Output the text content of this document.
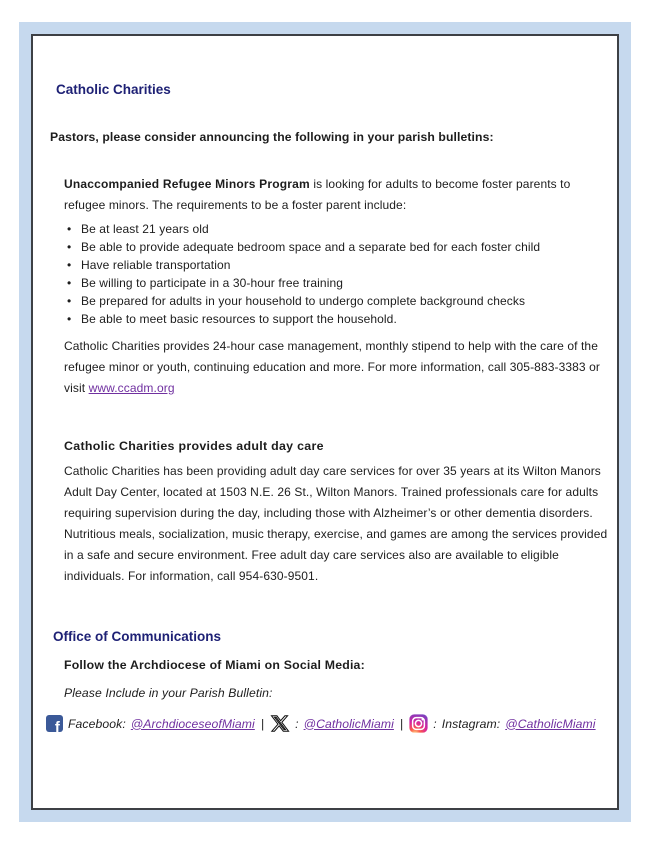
Catholic Charities

Pastors, please consider announcing the following in your parish bulletins:

Unaccompanied Refugee Minors Program is looking for adults to become foster parents to refugee minors. The requirements to be a foster parent include:

• Be at least 21 years old
• Be able to provide adequate bedroom space and a separate bed for each foster child
• Have reliable transportation
• Be willing to participate in a 30-hour free training
• Be prepared for adults in your household to undergo complete background checks
• Be able to meet basic resources to support the household.

Catholic Charities provides 24-hour case management, monthly stipend to help with the care of the refugee minor or youth, continuing education and more. For more information, call 305-883-3383 or visit www.ccadm.org

Catholic Charities provides adult day care

Catholic Charities has been providing adult day care services for over 35 years at its Wilton Manors Adult Day Center, located at 1503 N.E. 26 St., Wilton Manors. Trained professionals care for adults requiring supervision during the day, including those with Alzheimer’s or other dementia disorders. Nutritious meals, socialization, music therapy, exercise, and games are among the services provided in a safe and secure environment. Free adult day care services also are available to eligible individuals. For information, call 954-630-9501.

Office of Communications

Follow the Archdiocese of Miami on Social Media:

Please Include in your Parish Bulletin:

f Facebook: @ArchdioceseofMiami |	: @CatholicMiami | : Instagram: @CatholicMiami
